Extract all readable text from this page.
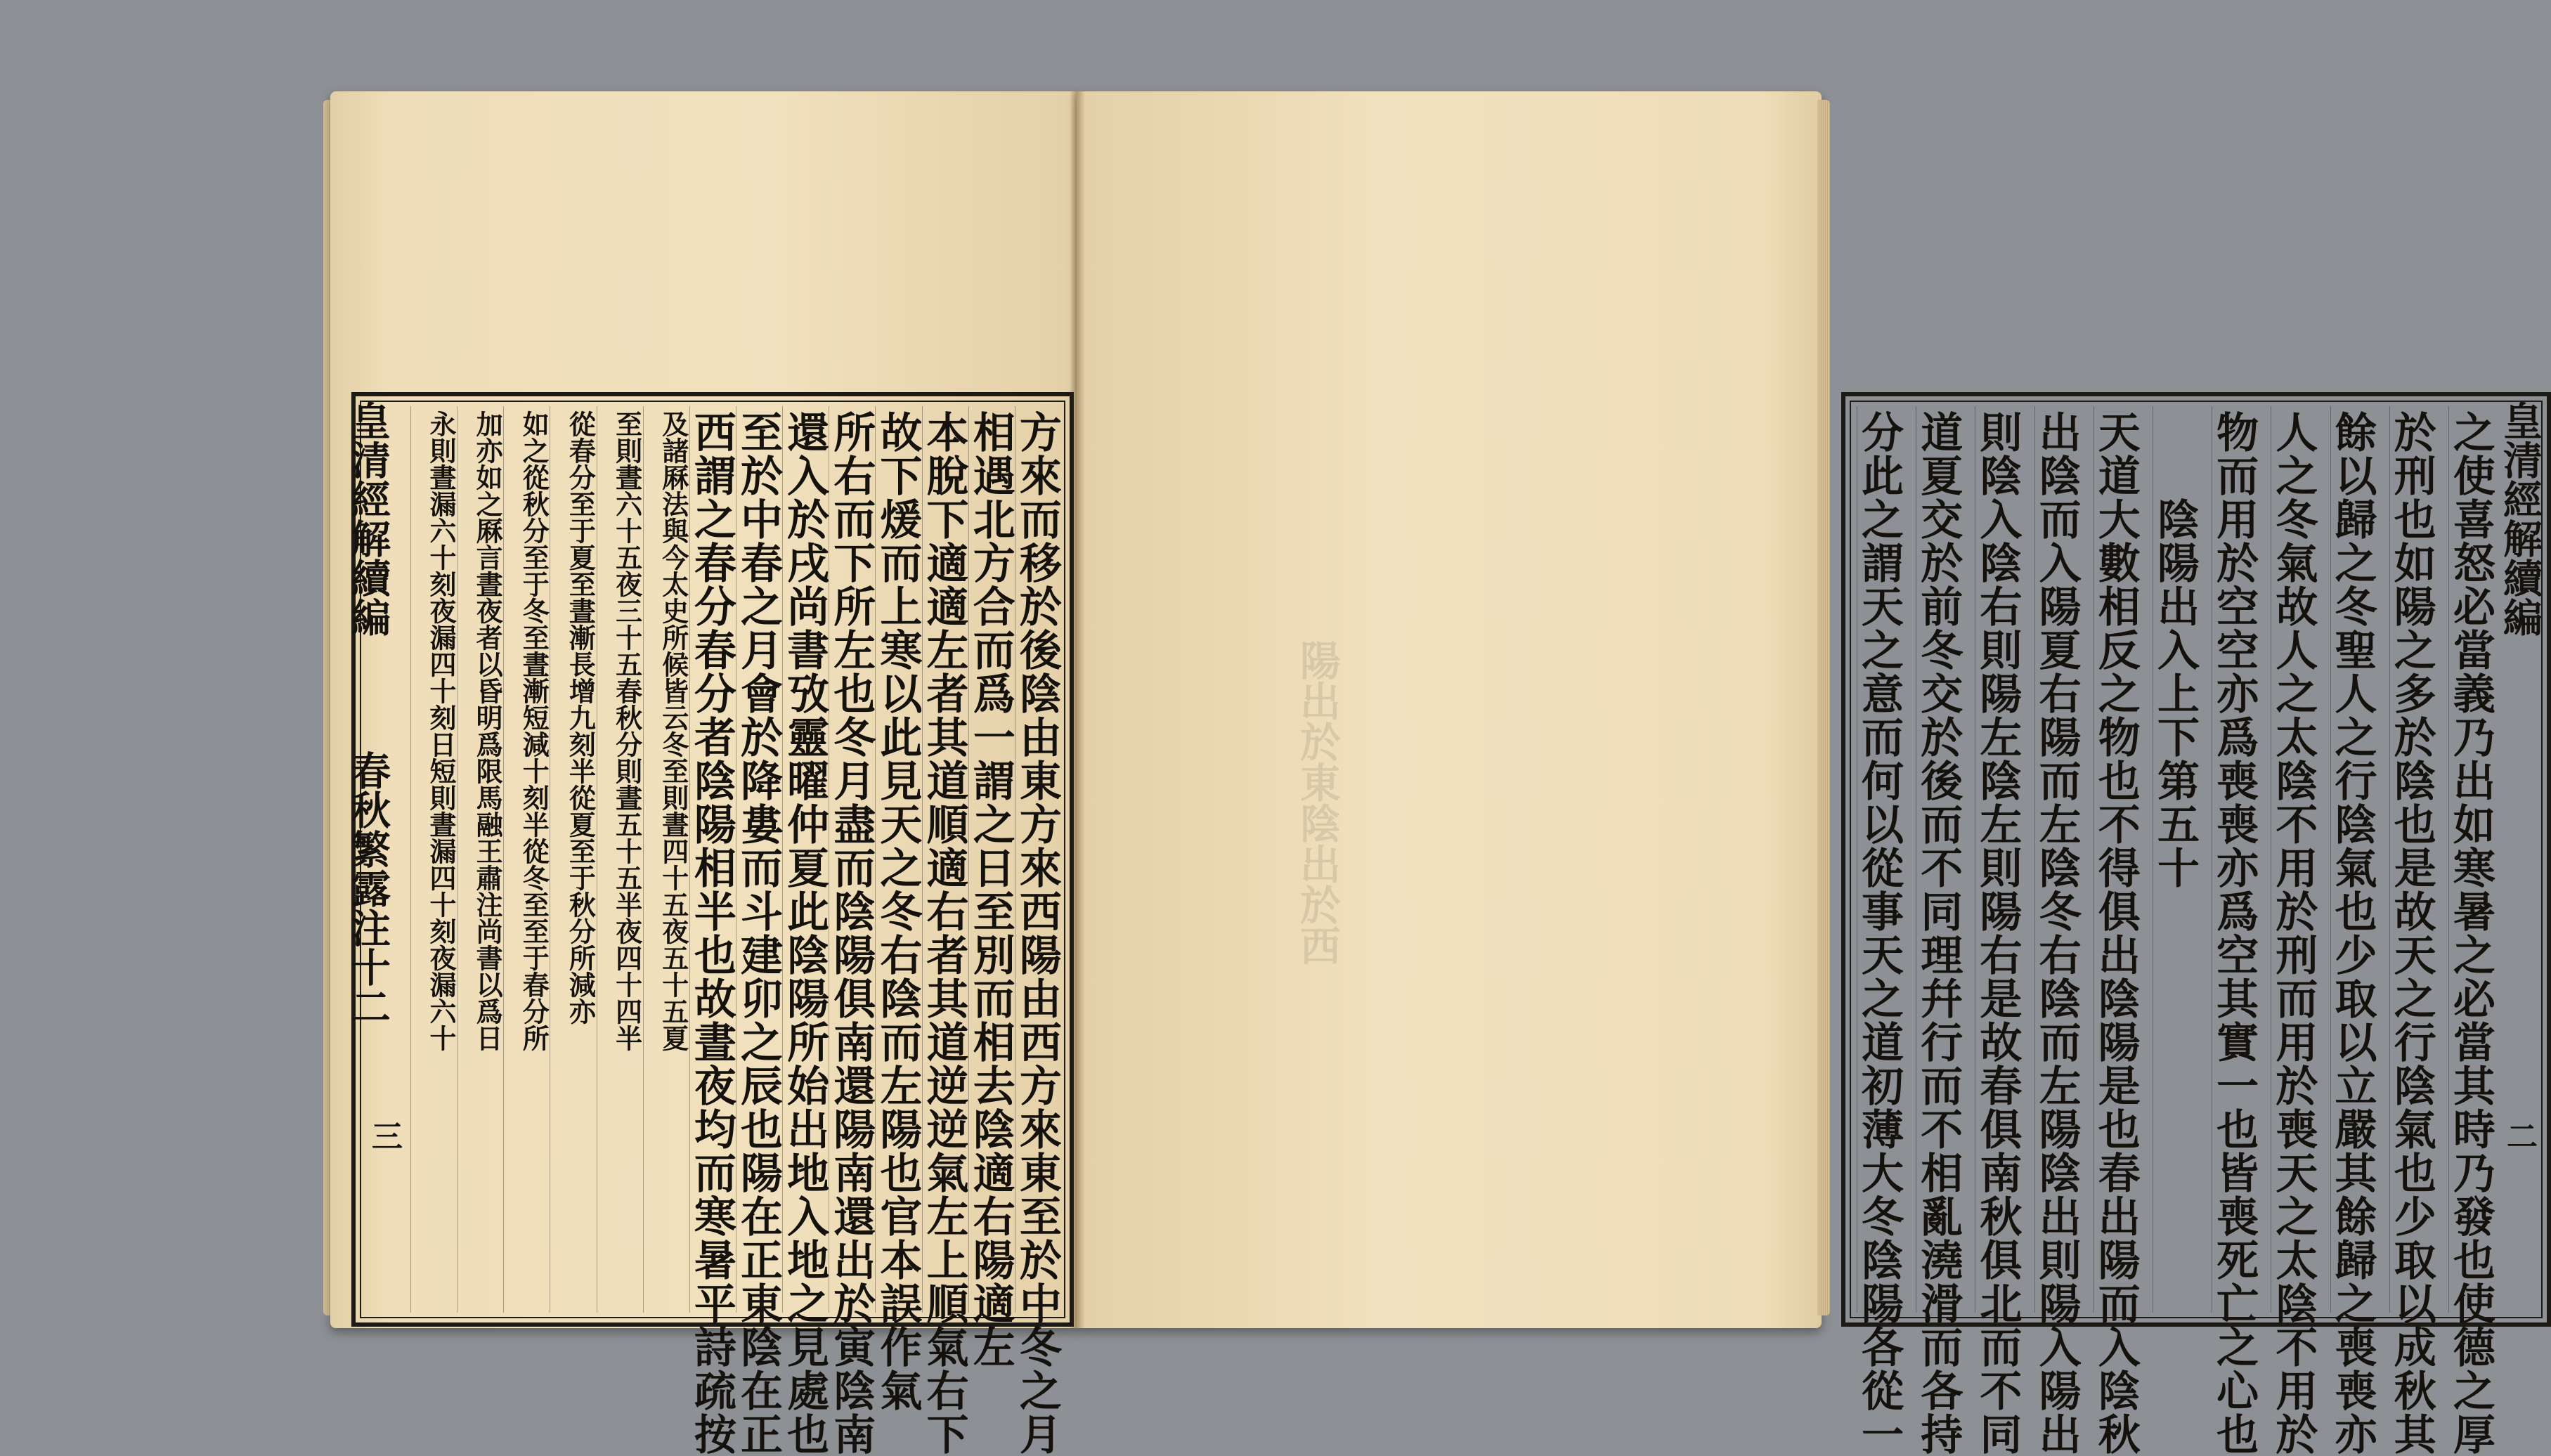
皇清經解續編  春秋繁露注十二	方來而移於後陰由東方來西陽由西方來東至於中冬之月
相遇北方合而爲一謂之日至別而相去陰適右陽適左
本脫下適適左者其道順適右者其道逆逆氣左上順氣右下
故下煖而上寒以此見天之冬右陰而左陽也官本誤作氣
所右而下所左也冬月盡而陰陽俱南還陽南還出於寅陰南
還入於戌尚書攷靈曜仲夏此陰陽所始出地入地之見處也
至於中春之月會於降婁而斗建卯之辰也陽在正東陰在正
西謂之春分春分者陰陽相半也故晝夜均而寒暑平詩疏按
及諸厤法與今太史所候皆云冬至則晝四十五夜五十五夏
至則晝六十五夜三十五春秋分則晝五十五半夜四十四半
從春分至于夏至晝漸長增九刻半從夏至于秋分所減亦
如之從秋分至于冬至晝漸短減十刻半從冬至至于春分所
加亦如之厤言晝夜者以昏明爲限馬融王肅注尚書以爲日
永則晝漏六十刻夜漏四十刻日短則晝漏四十刻夜漏六十
三
陽出於東陰出於西
皇清經解續編
之使喜怒必當義乃出如寒暑之必當其時乃發也使德之厚
於刑也如陽之多於陰也是故天之行陰氣也少取以成秋其
餘以歸之冬聖人之行陰氣也少取以立嚴其餘歸之喪喪亦
人之冬氣故人之太陰不用於刑而用於喪天之太陰不用於
物而用於空空亦爲喪喪亦爲空其實一也皆喪死亡之心也
陰陽出入上下第五十
天道大數相反之物也不得俱出陰陽是也春出陽而入陰秋
出陰而入陽夏右陽而左陰冬右陰而左陽陰出則陽入陽出
則陰入陰右則陽左陰左則陽右是故春俱南秋俱北而不同
道夏交於前冬交於後而不同理幷行而不相亂澆滑而各持
分此之謂天之意而何以從事天之道初薄大冬陰陽各從一	二
